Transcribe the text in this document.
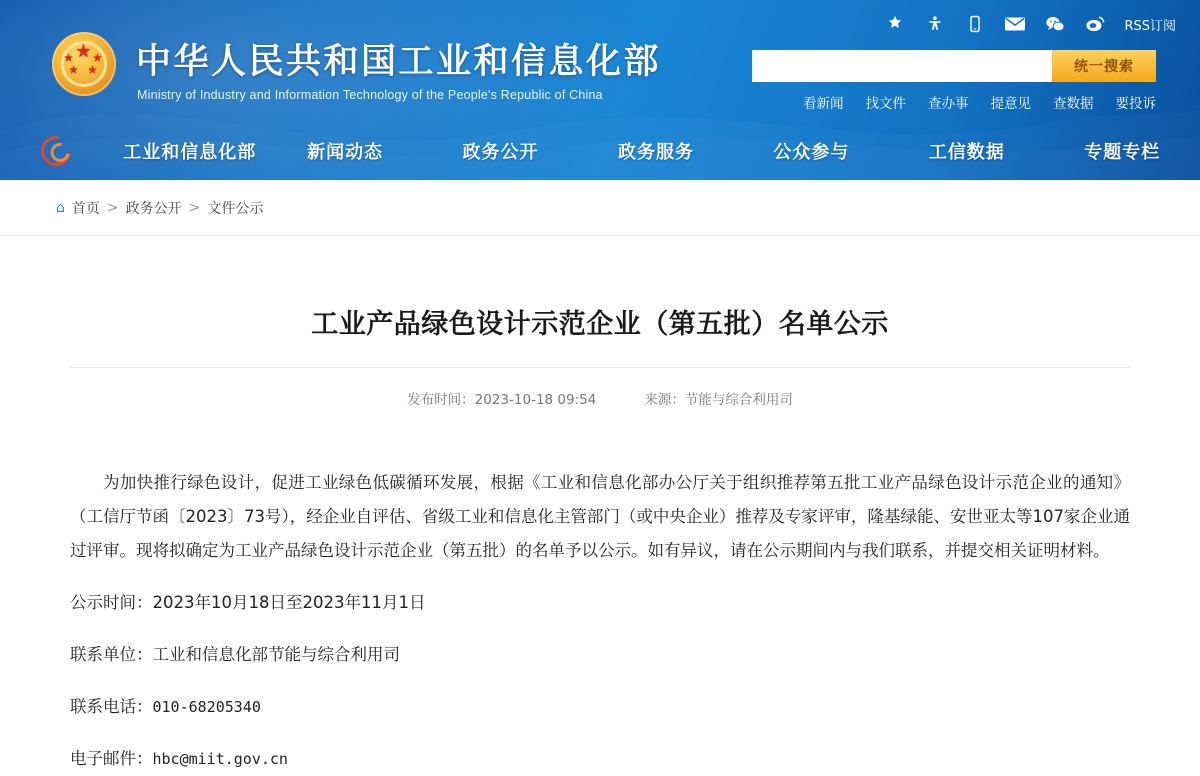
★
★ ★
★ ★ 中华人民共和国工业和信息化部
Ministry of Industry and Information Technology of the People's Republic of China
RSS订阅
统一搜索
看新闻 找文件 查办事 提意见 查数据 要投诉
工业和信息化部	新闻动态	政务公开	政务服务	公众参与	工信数据	专题专栏
⌂ 首页 > 政务公开 > 文件公示
工业产品绿色设计示范企业（第五批）名单公示
发布时间：2023-10-18 09:54	来源：节能与综合利用司

为加快推行绿色设计，促进工业绿色低碳循环发展，根据《工业和信息化部办公厅关于组织推荐第五批工业产品绿色设计示范企业的通知》（工信厅节函〔2023〕73号），经企业自评估、省级工业和信息化主管部门（或中央企业）推荐及专家评审，隆基绿能、安世亚太等107家企业通过评审。现将拟确定为工业产品绿色设计示范企业（第五批）的名单予以公示。如有异议，请在公示期间内与我们联系，并提交相关证明材料。

公示时间：2023年10月18日至2023年11月1日

联系单位：工业和信息化部节能与综合利用司

联系电话：010-68205340

电子邮件：hbc@miit.gov.cn
